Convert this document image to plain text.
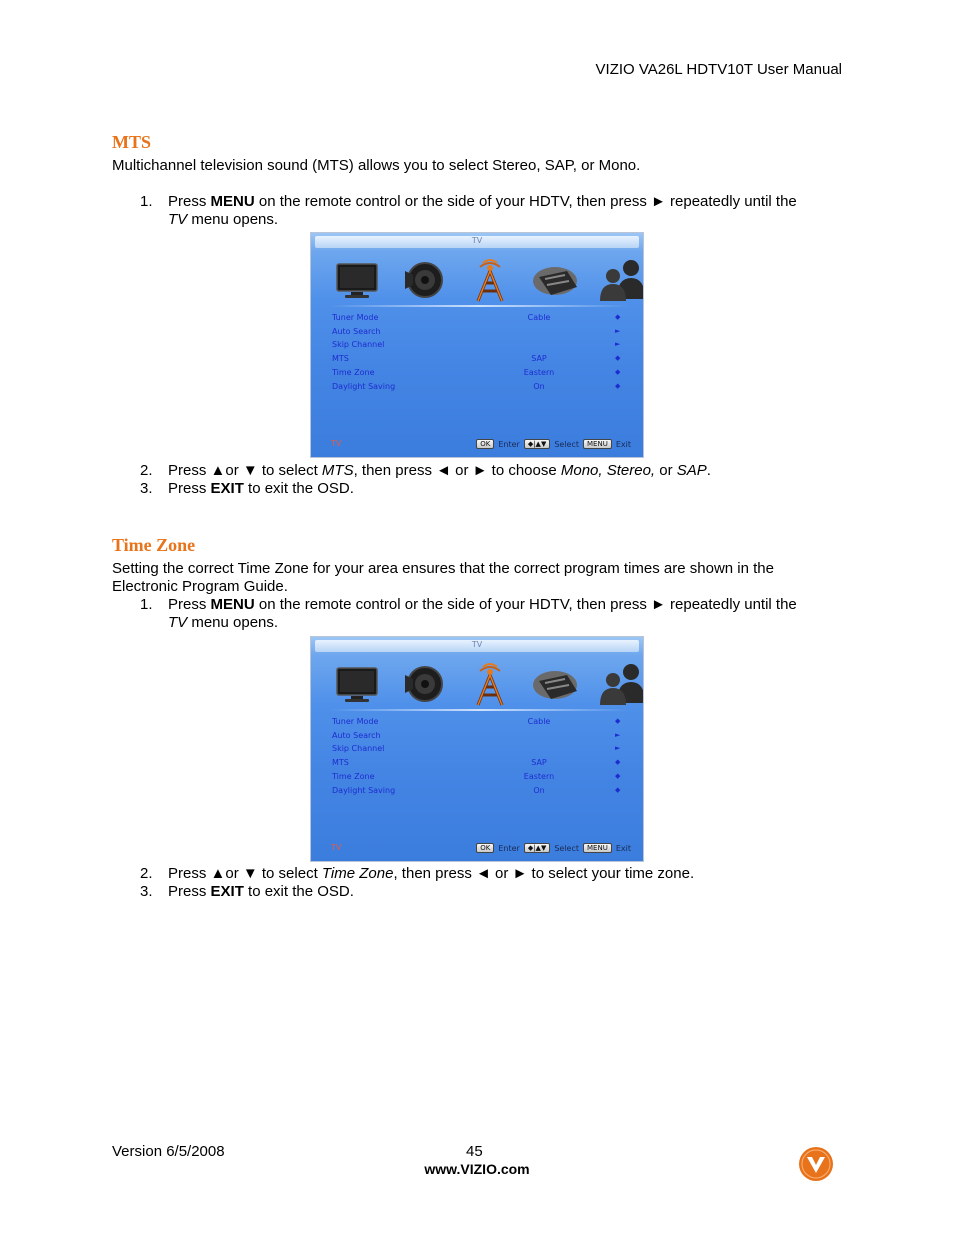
VIZIO VA26L HDTV10T User Manual
MTS
Multichannel television sound (MTS) allows you to select Stereo, SAP, or Mono.
1.	Press MENU on the remote control or the side of your HDTV, then press ► repeatedly until the
TV menu opens.
TV
Tuner Mode	Cable	◆
Auto Search	►
Skip Channel	►
MTS	SAP	◆
Time Zone	Eastern	◆
Daylight Saving	On	◆
TV	OK	Enter	◆|▲▼	Select	MENU	Exit
2.	Press ▲or ▼ to select MTS, then press ◄ or ► to choose Mono, Stereo, or SAP.
3.	Press EXIT to exit the OSD.
Time Zone
Setting the correct Time Zone for your area ensures that the correct program times are shown in the Electronic Program Guide.
1.	Press MENU on the remote control or the side of your HDTV, then press ► repeatedly until the
TV menu opens.
TV
Tuner Mode	Cable	◆
Auto Search	►
Skip Channel	►
MTS	SAP	◆
Time Zone	Eastern	◆
Daylight Saving	On	◆
TV	OK	Enter	◆|▲▼	Select	MENU	Exit
2.	Press ▲or ▼ to select Time Zone, then press ◄ or ► to select your time zone.
3.	Press EXIT to exit the OSD.
Version 6/5/2008	45
www.VIZIO.com
